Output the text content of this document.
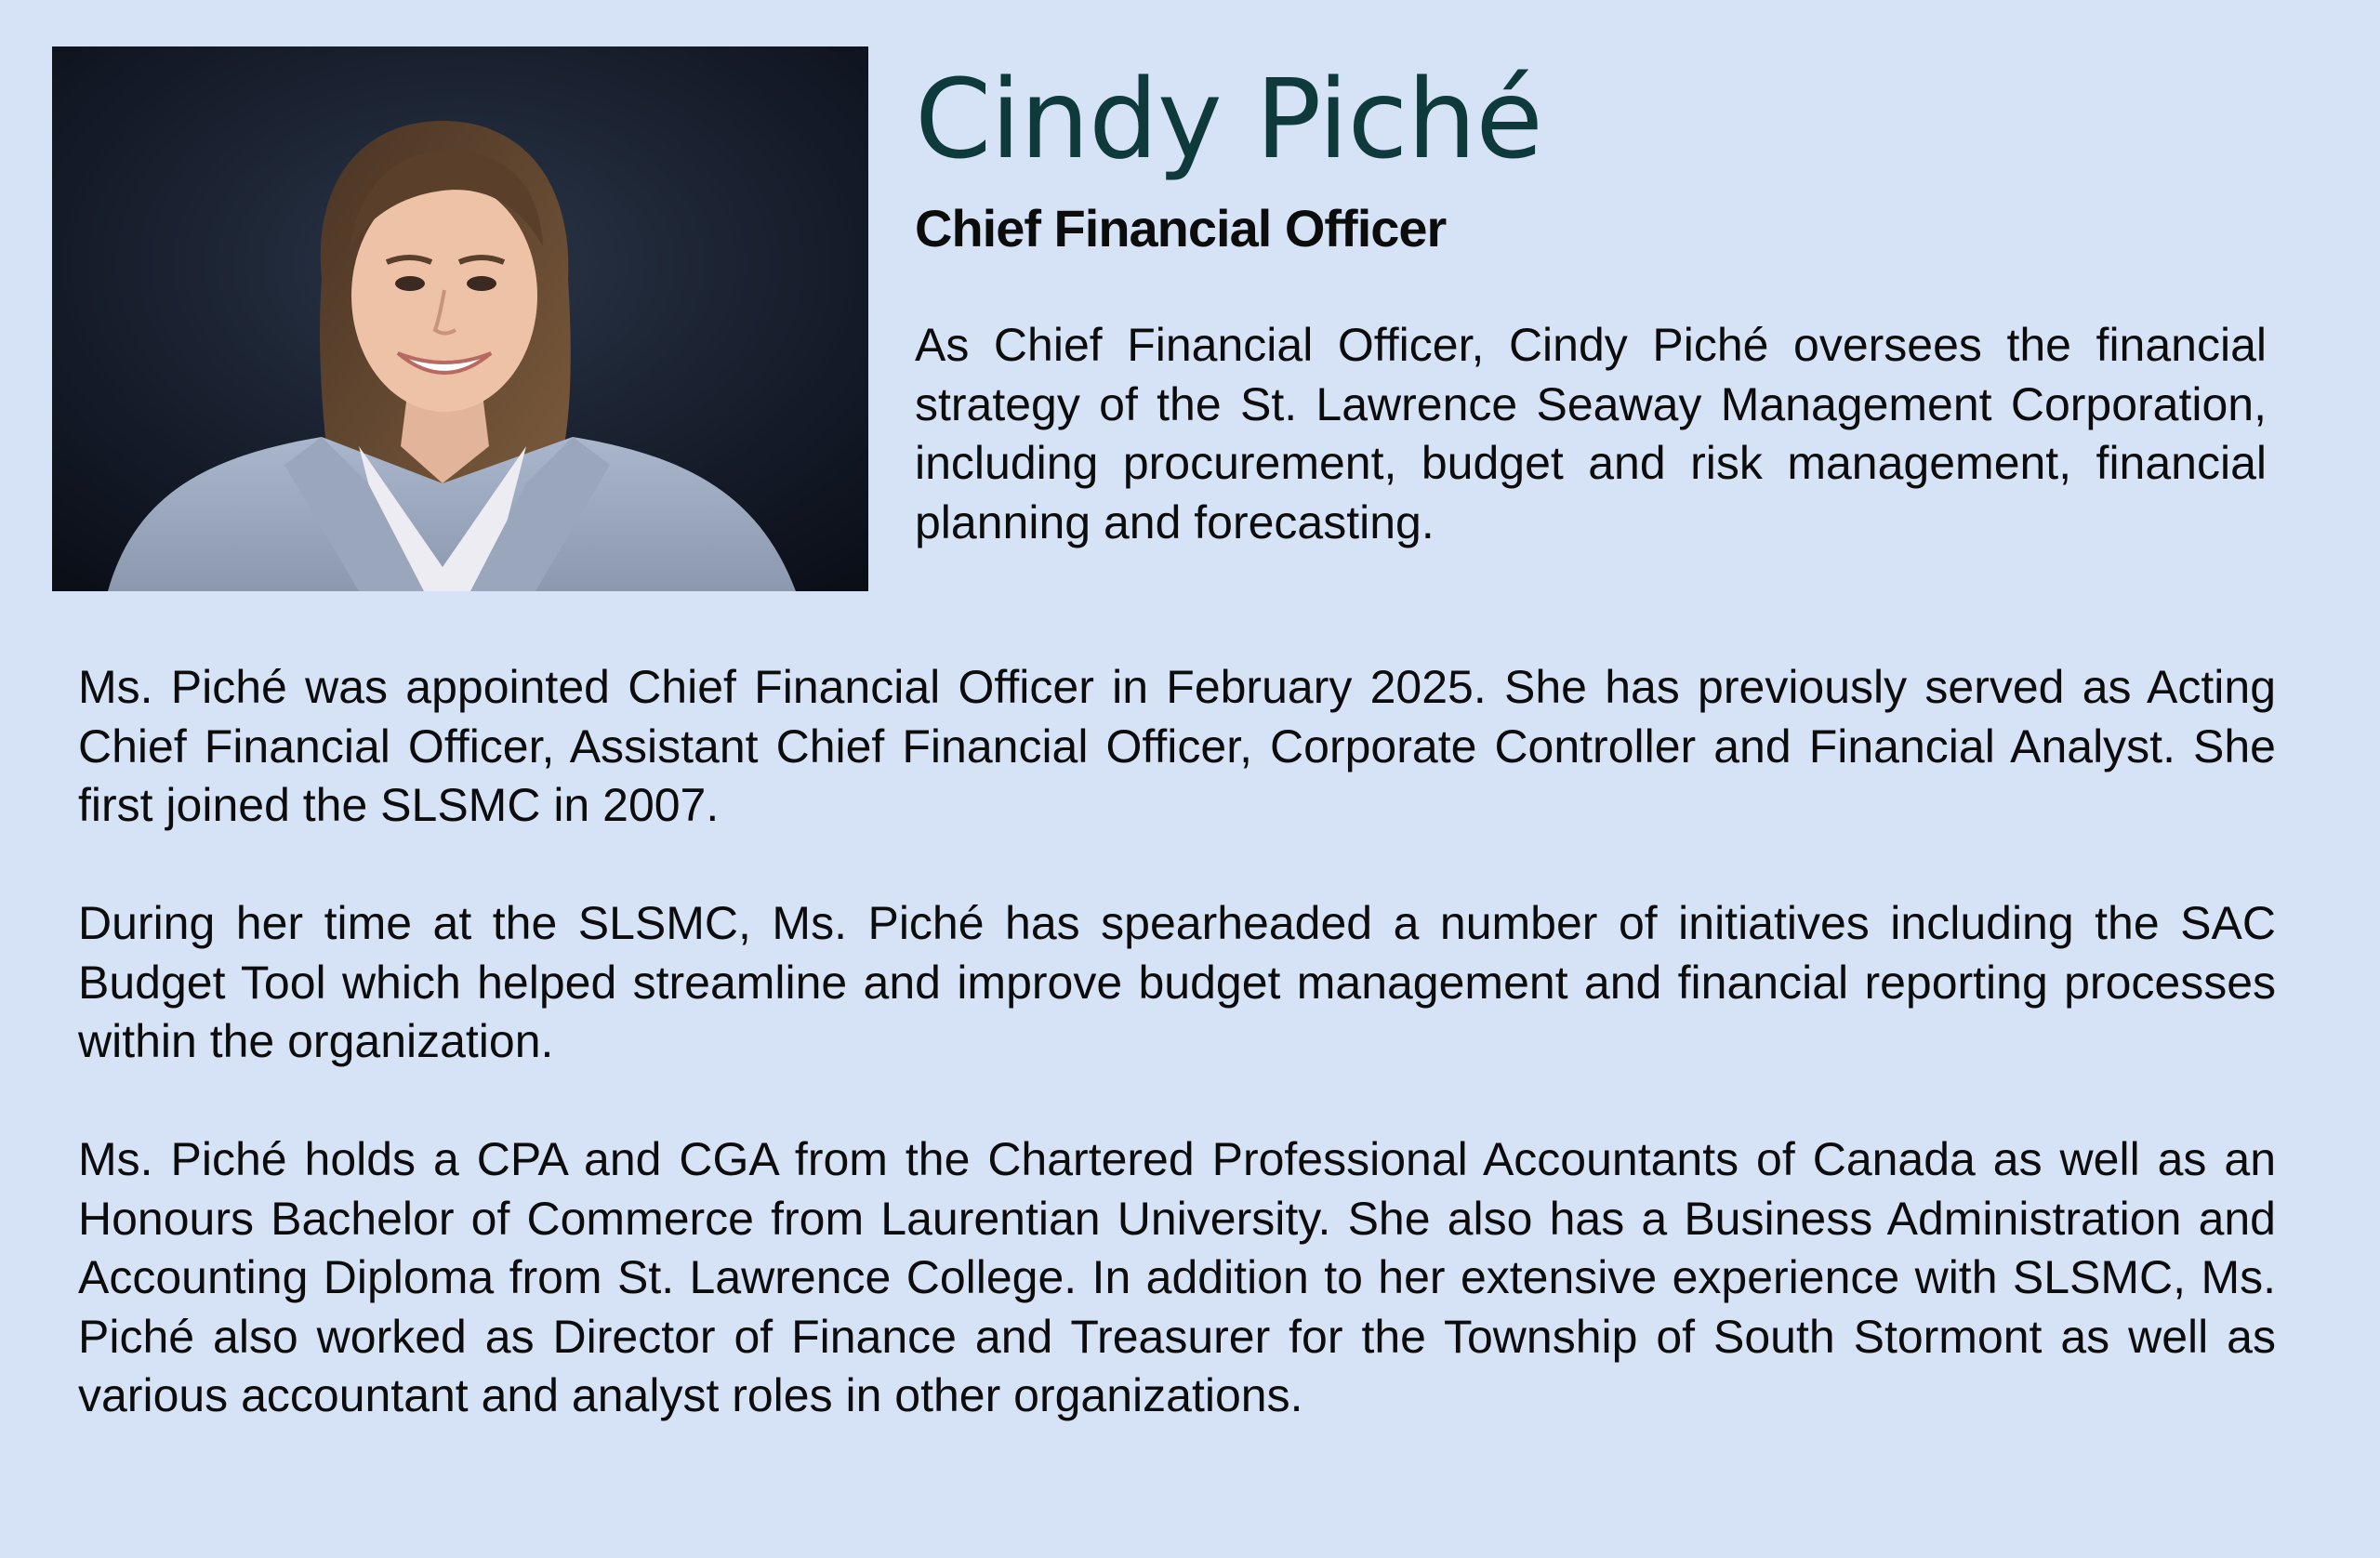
Cindy Piché
Chief Financial Officer

As Chief Financial Officer, Cindy Piché oversees the financial strategy of the St. Lawrence Seaway Management Corporation, including procurement, budget and risk management, financial planning and forecasting.

Ms. Piché was appointed Chief Financial Officer in February 2025. She has previously served as Acting Chief Financial Officer, Assistant Chief Financial Officer, Corporate Controller and Financial Analyst. She first joined the SLSMC in 2007.

During her time at the SLSMC, Ms. Piché has spearheaded a number of initiatives including the SAC Budget Tool which helped streamline and improve budget management and financial reporting processes within the organization.

Ms. Piché holds a CPA and CGA from the Chartered Professional Accountants of Canada as well as an Honours Bachelor of Commerce from Laurentian University. She also has a Business Administration and Accounting Diploma from St. Lawrence College. In addition to her extensive experience with SLSMC, Ms. Piché also worked as Director of Finance and Treasurer for the Township of South Stormont as well as various accountant and analyst roles in other organizations.
